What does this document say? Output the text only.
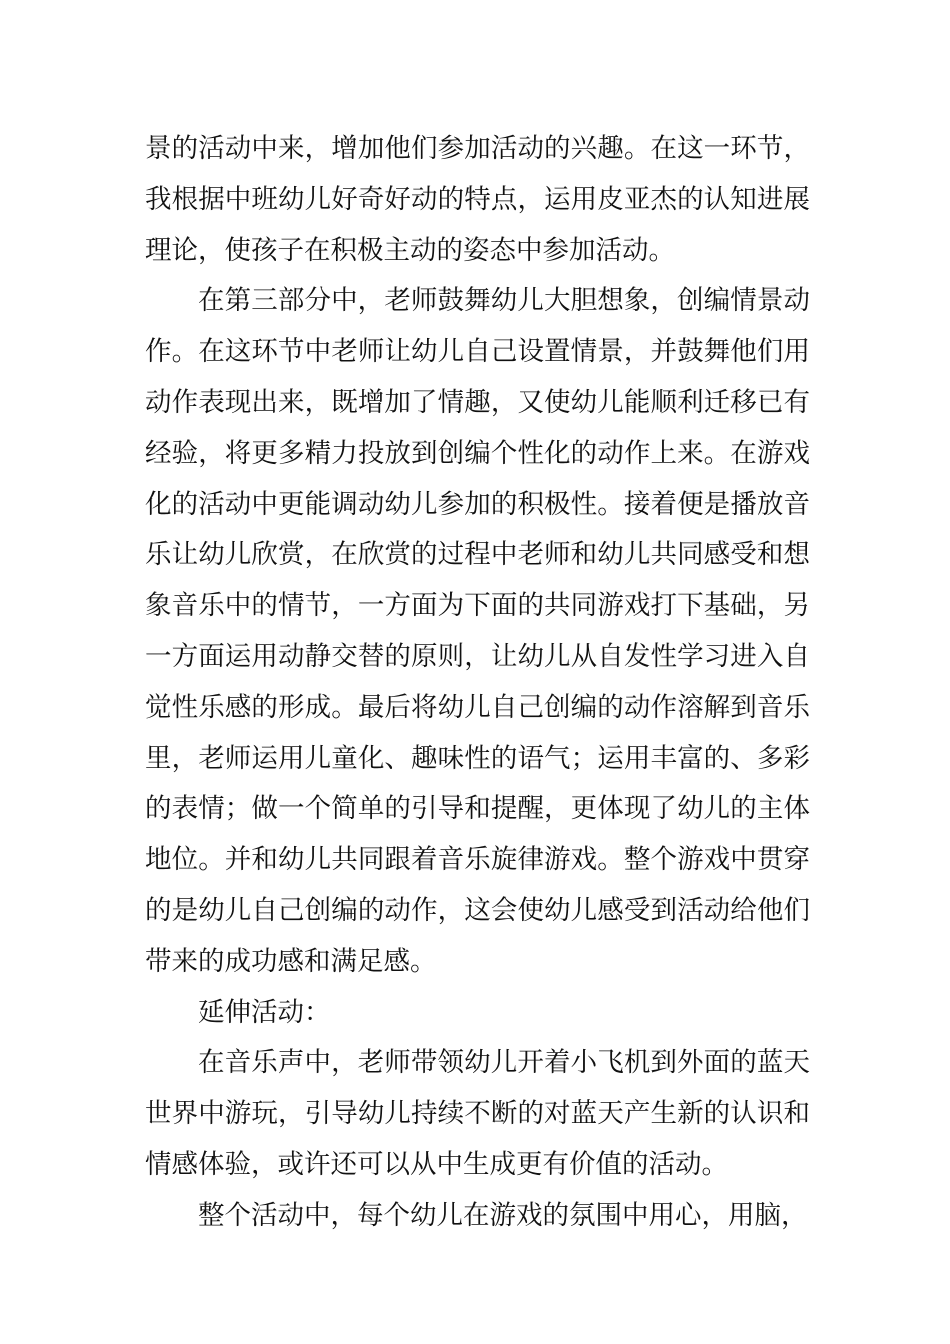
景的活动中来，增加他们参加活动的兴趣。在这一环节，我根据中班幼儿好奇好动的特点，运用皮亚杰的认知进展理论，使孩子在积极主动的姿态中参加活动。

在第三部分中，老师鼓舞幼儿大胆想象，创编情景动作。在这环节中老师让幼儿自己设置情景，并鼓舞他们用动作表现出来，既增加了情趣，又使幼儿能顺利迁移已有经验，将更多精力投放到创编个性化的动作上来。在游戏化的活动中更能调动幼儿参加的积极性。接着便是播放音乐让幼儿欣赏，在欣赏的过程中老师和幼儿共同感受和想象音乐中的情节，一方面为下面的共同游戏打下基础，另一方面运用动静交替的原则，让幼儿从自发性学习进入自觉性乐感的形成。最后将幼儿自己创编的动作溶解到音乐里，老师运用儿童化、趣味性的语气；运用丰富的、多彩的表情；做一个简单的引导和提醒，更体现了幼儿的主体地位。并和幼儿共同跟着音乐旋律游戏。整个游戏中贯穿的是幼儿自己创编的动作，这会使幼儿感受到活动给他们带来的成功感和满足感。

延伸活动：

在音乐声中，老师带领幼儿开着小飞机到外面的蓝天世界中游玩，引导幼儿持续不断的对蓝天产生新的认识和情感体验，或许还可以从中生成更有价值的活动。

整个活动中，每个幼儿在游戏的氛围中用心，用脑，
